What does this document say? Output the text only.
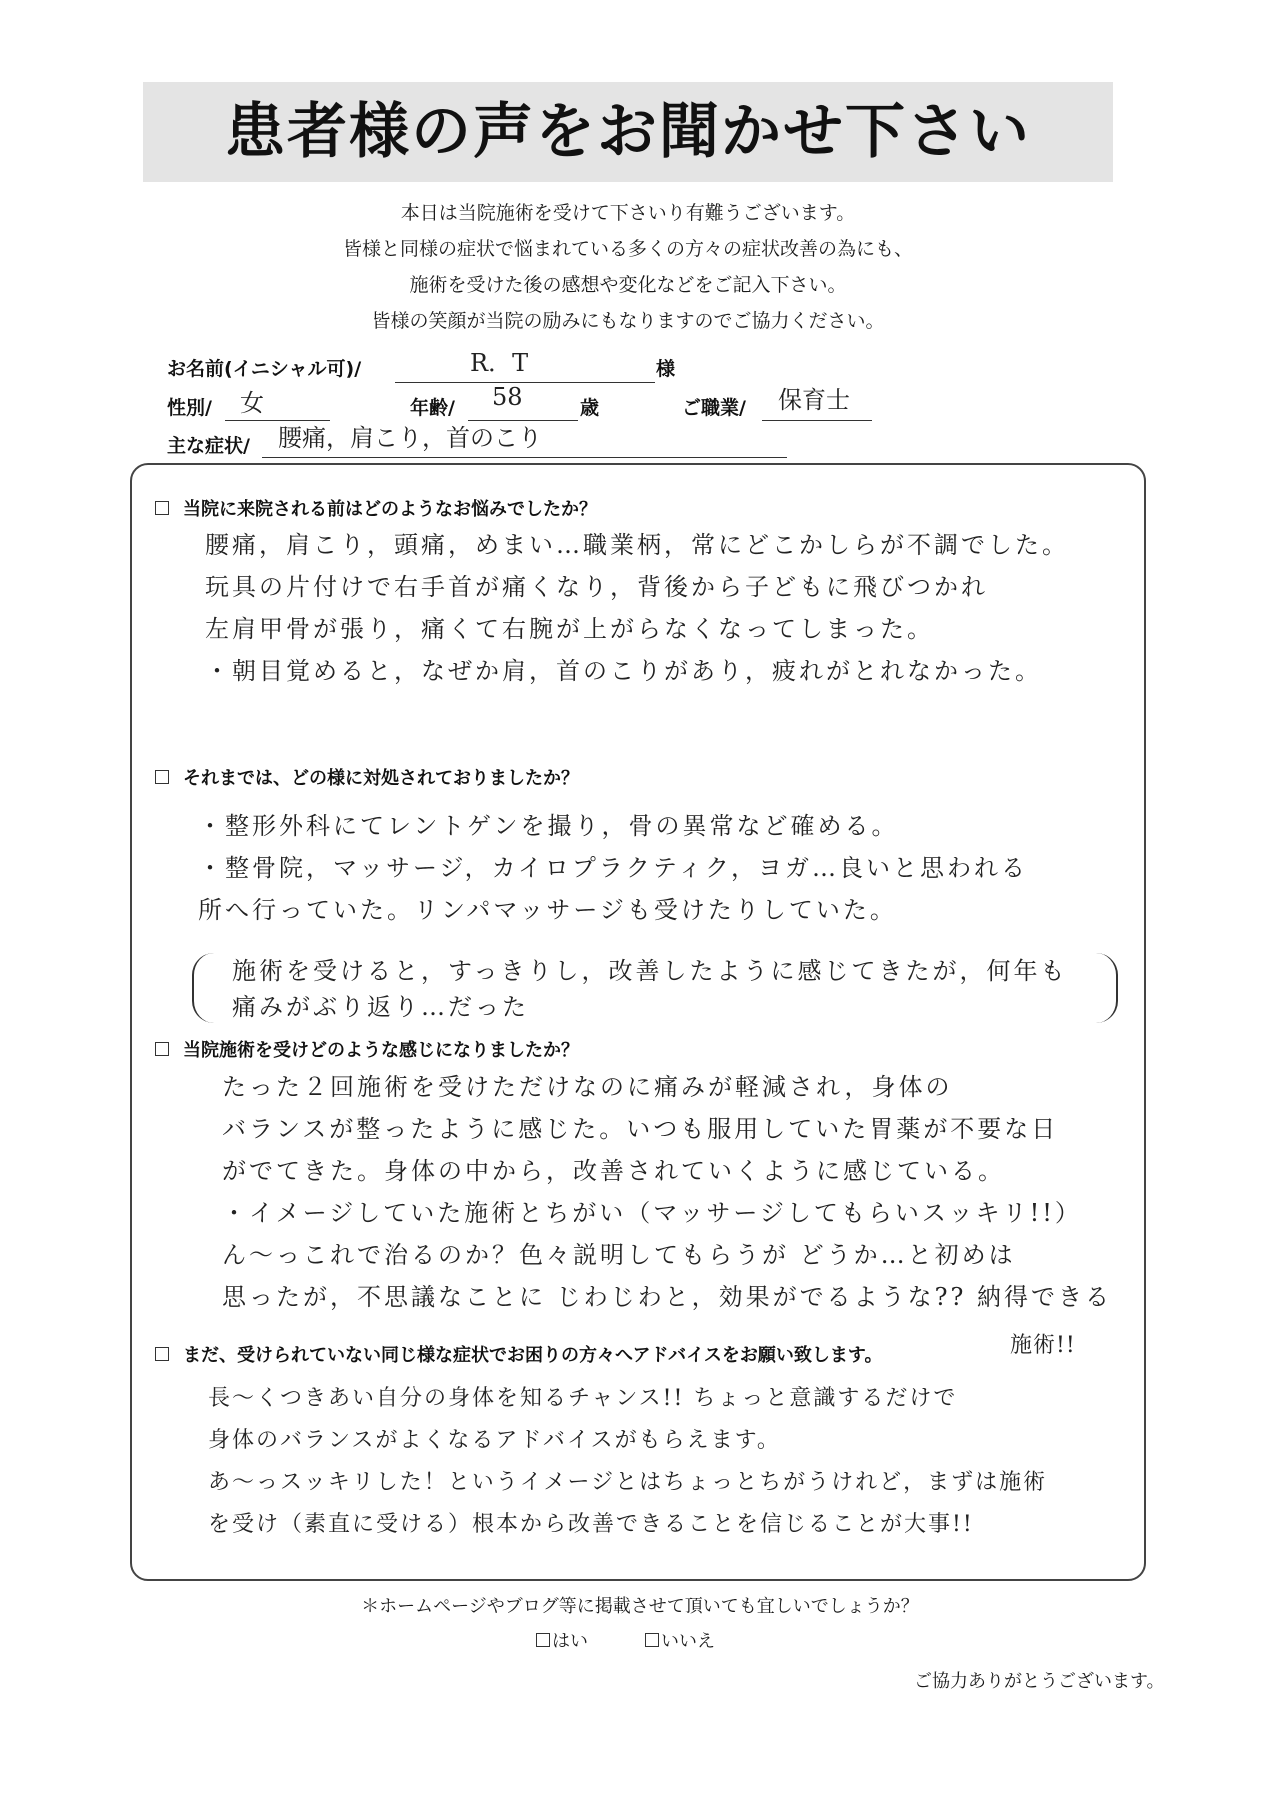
患者様の声をお聞かせ下さい
本日は当院施術を受けて下さいり有難うございます。
皆様と同様の症状で悩まれている多くの方々の症状改善の為にも、
施術を受けた後の感想や変化などをご記入下さい。
皆様の笑顔が当院の励みにもなりますのでご協力ください。
お名前(イニシャル可)/	R．T	様
性別/ 女	年齢/ 58	歳	ご職業/ 保育士
主な症状/ 腰痛，肩こり，首のこり
当院に来院される前はどのようなお悩みでしたか？
腰痛，肩こり，頭痛，めまい…職業柄，常にどこかしらが不調でした。
玩具の片付けで右手首が痛くなり，背後から子どもに飛びつかれ
左肩甲骨が張り，痛くて右腕が上がらなくなってしまった。
・朝目覚めると，なぜか肩，首のこりがあり，疲れがとれなかった。
それまでは、どの様に対処されておりましたか？
・整形外科にてレントゲンを撮り，骨の異常など確める。
・整骨院，マッサージ，カイロプラクティク，ヨガ…良いと思われる
所へ行っていた。リンパマッサージも受けたりしていた。
施術を受けると，すっきりし，改善したように感じてきたが，何年も
痛みがぶり返り…だった
当院施術を受けどのような感じになりましたか？
たった２回施術を受けただけなのに痛みが軽減され，身体の
バランスが整ったように感じた。いつも服用していた胃薬が不要な日
がでてきた。身体の中から，改善されていくように感じている。
・イメージしていた施術とちがい（マッサージしてもらいスッキリ!!）
ん〜っこれで治るのか？色々説明してもらうが どうか…と初めは
思ったが，不思議なことに じわじわと，効果がでるような?? 納得できる
施術!!
まだ、受けられていない同じ様な症状でお困りの方々へアドバイスをお願い致します。
長〜くつきあい自分の身体を知るチャンス!! ちょっと意識するだけで
身体のバランスがよくなるアドバイスがもらえます。
あ〜っスッキリした！というイメージとはちょっとちがうけれど，まずは施術
を受け（素直に受ける）根本から改善できることを信じることが大事!!
＊ホームページやブログ等に掲載させて頂いても宜しいでしょうか？
はい	いいえ
ご協力ありがとうございます。
